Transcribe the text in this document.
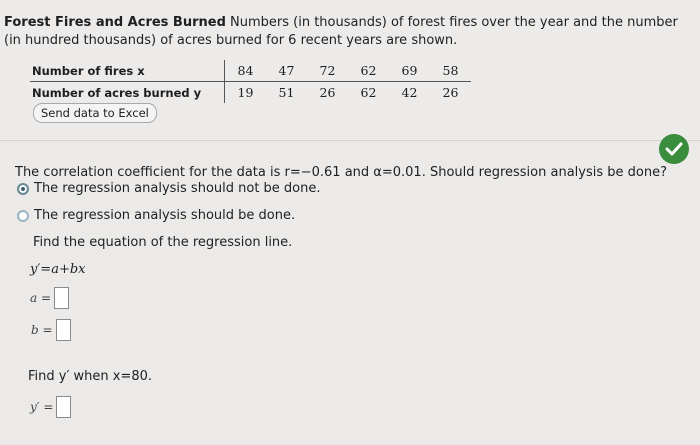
Forest Fires and Acres Burned Numbers (in thousands) of forest fires over the year and the number (in hundred thousands) of acres burned for 6 recent years are shown.
Number of fires x	84	47	72	62	69	58
Number of acres burned y	19	51	26	62	42	26
Send data to Excel
The correlation coefficient for the data is r=−0.61 and α=0.01. Should regression analysis be done?
The regression analysis should not be done.
The regression analysis should be done.
Find the equation of the regression line.
y′=a+bx
a =
b =
Find y′ when x=80.
y′ =
